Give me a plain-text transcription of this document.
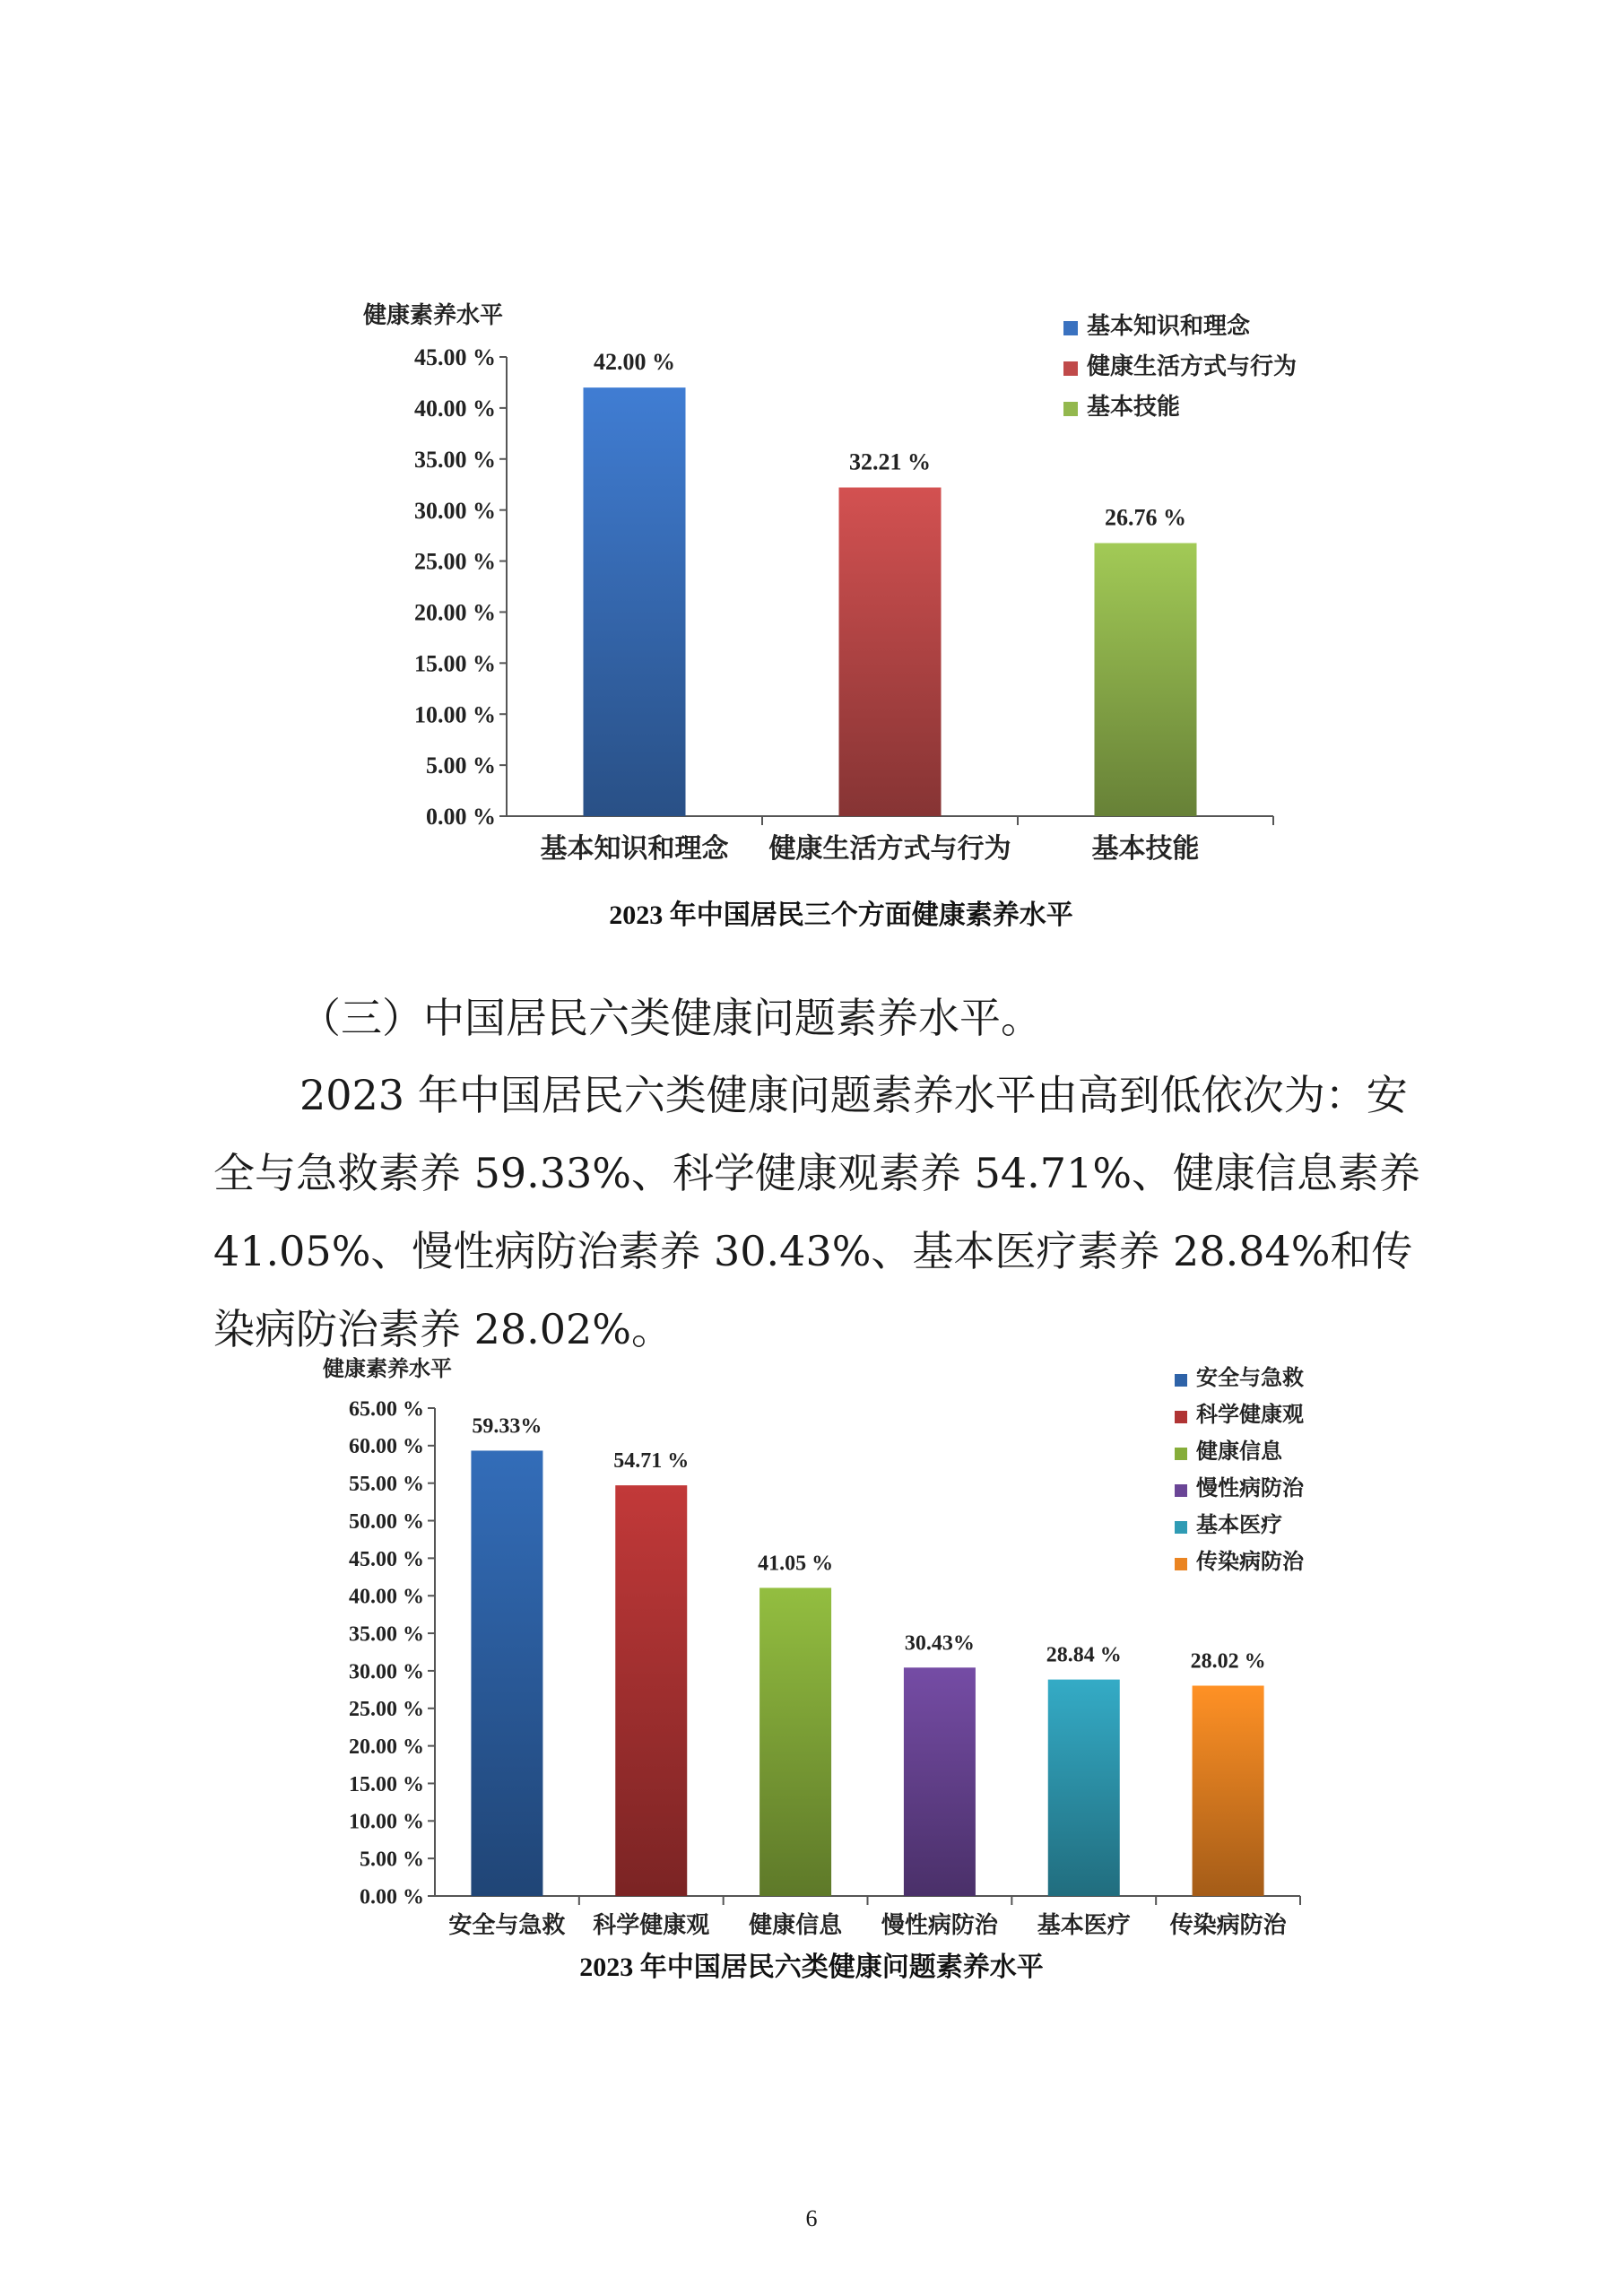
健康素养水平
0.00 %
5.00 %
10.00 %
15.00 %
20.00 %
25.00 %
30.00 %
35.00 %
40.00 %
45.00 %	42.00 %
基本知识和理念
32.21 %
健康生活方式与行为
26.76 %
基本技能
基本知识和理念
健康生活方式与行为
基本技能
2023 年中国居民三个方面健康素养水平

（三）中国居民六类健康问题素养水平。

2023 年中国居民六类健康问题素养水平由高到低依次为：安全与急救素养 59.33%、科学健康观素养 54.71%、健康信息素养 41.05%、慢性病防治素养 30.43%、基本医疗素养 28.84%和传染病防治素养 28.02%。

健康素养水平
0.00 %
5.00 %
10.00 %
15.00 %
20.00 %
25.00 %
30.00 %
35.00 %
40.00 %
45.00 %
50.00 %
55.00 %
60.00 %
65.00 %
59.33%
安全与急救
54.71 %
科学健康观
41.05 %
健康信息
30.43%
慢性病防治
28.84 %
基本医疗
28.02 %
传染病防治
安全与急救
科学健康观
健康信息
慢性病防治
基本医疗
传染病防治
2023 年中国居民六类健康问题素养水平
6
